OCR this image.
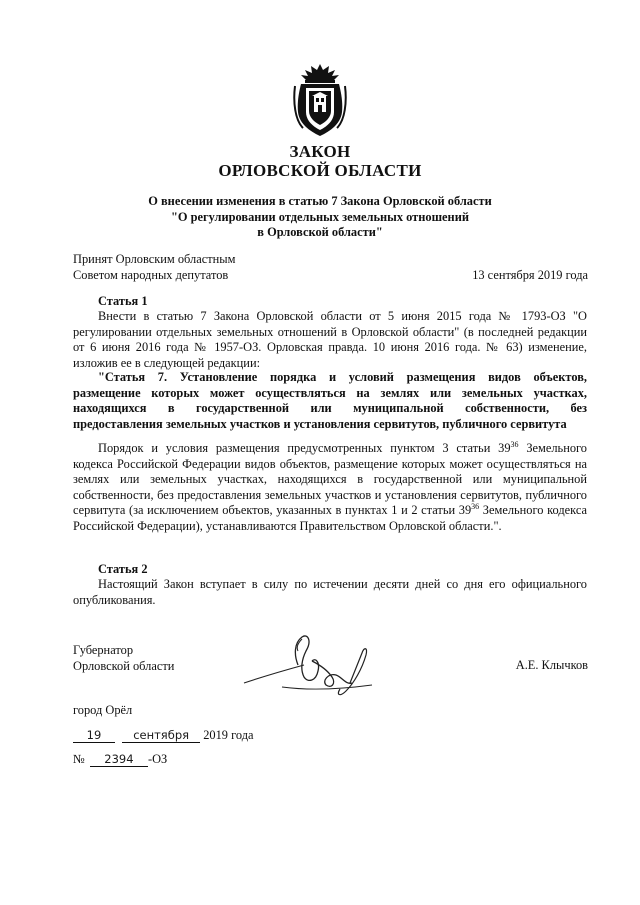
ЗАКОН
ОРЛОВСКОЙ ОБЛАСТИ
О внесении изменения в статью 7 Закона Орловской области
"О регулировании отдельных земельных отношений
в Орловской области"
Принят Орловским областным
Советом народных депутатов	13 сентября 2019 года
Статья 1
Внести в статью 7 Закона Орловской области от 5 июня 2015 года № 1793-ОЗ "О регулировании отдельных земельных отношений в Орловской области" (в последней редакции от 6 июня 2016 года № 1957-ОЗ. Орловская правда. 10 июня 2016 года. № 63) изменение, изложив ее в следующей редакции:
"Статья 7. Установление порядка и условий размещения видов объектов,
размещение которых может осуществляться на землях или земельных участках,
находящихся в государственной или муниципальной собственности, без
предоставления земельных участков и установления сервитутов, публичного сервитута
Порядок и условия размещения предусмотренных пунктом 3 статьи $39^{36}$ Земельного кодекса Российской Федерации видов объектов, размещение которых может осуществляться на землях или земельных участках, находящихся в государственной или муниципальной собственности, без предоставления земельных участков и установления сервитутов, публичного сервитута (за исключением объектов, указанных в пунктах 1 и 2 статьи $39^{36}$ Земельного кодекса Российской Федерации), устанавливаются Правительством Орловской области.".
Статья 2
Настоящий Закон вступает в силу по истечении десяти дней со дня его официального опубликования.
Губернатор
Орловской области	А.Е. Клычков
город Орёл
19	сентября 2019 года
№ 2394 -ОЗ
